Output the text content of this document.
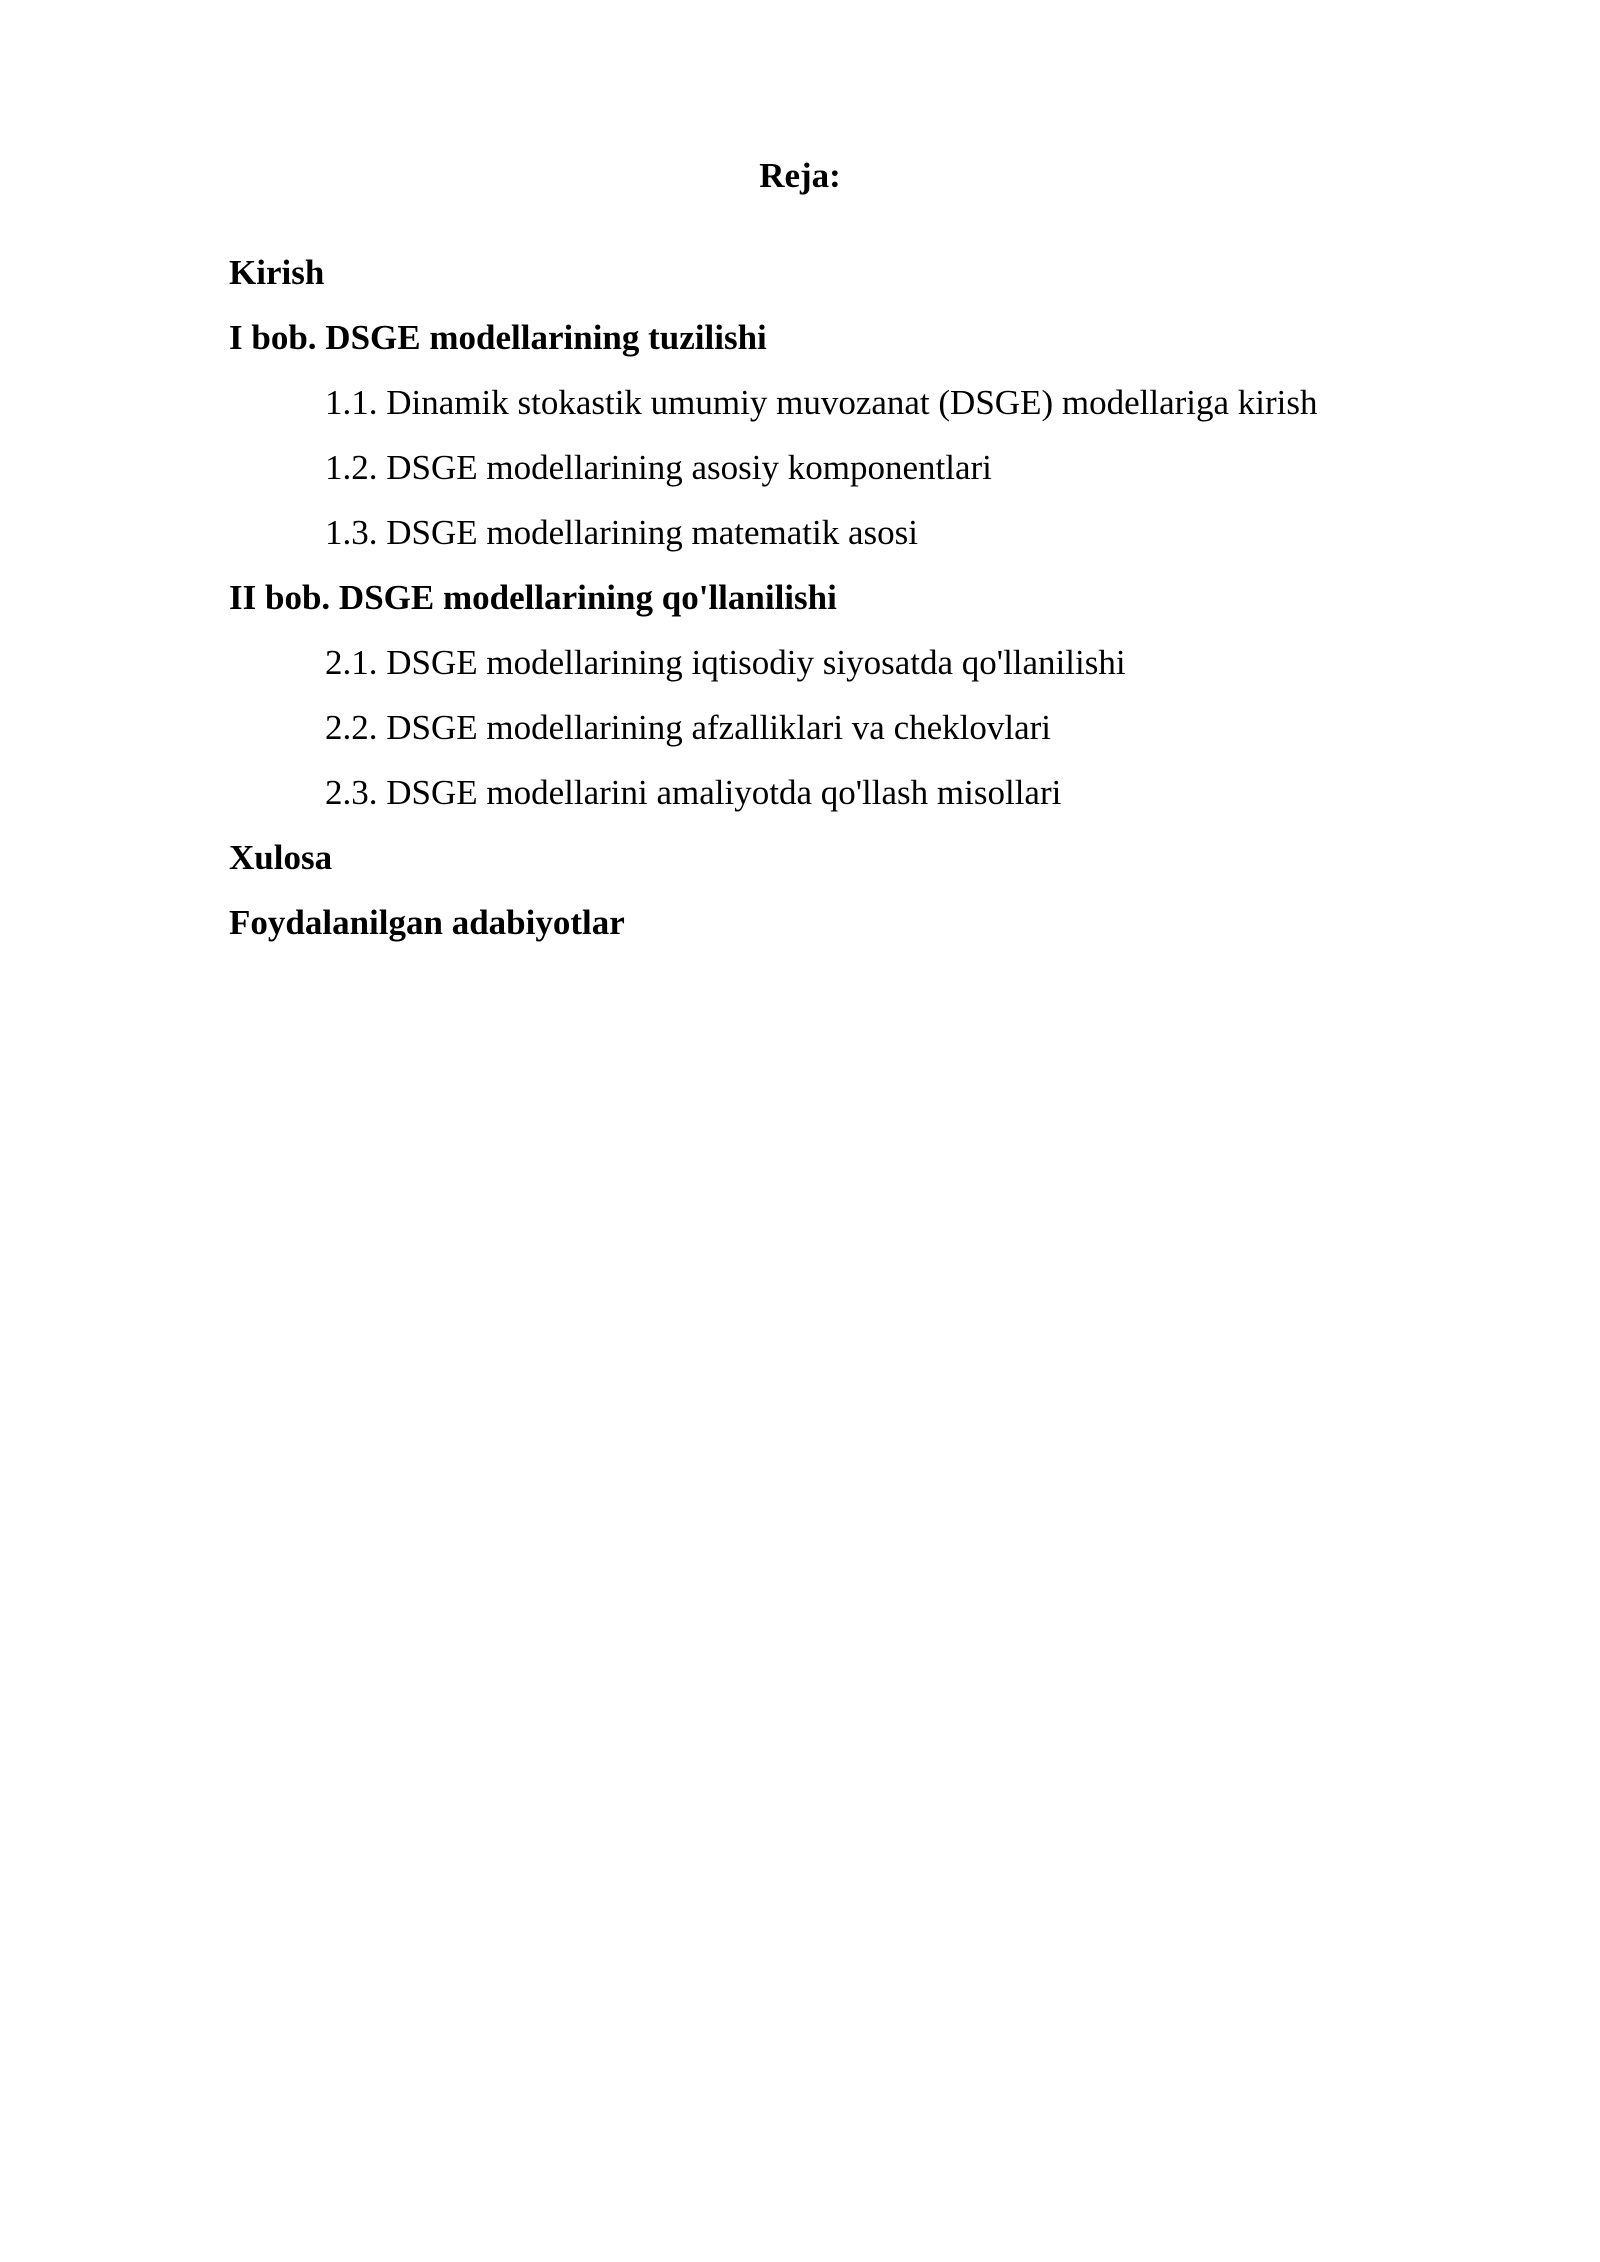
Reja:
Kirish
I bob. DSGE modellarining tuzilishi
1.1. Dinamik stokastik umumiy muvozanat (DSGE) modellariga kirish
1.2. DSGE modellarining asosiy komponentlari
1.3. DSGE modellarining matematik asosi
II bob. DSGE modellarining qo'llanilishi
2.1. DSGE modellarining iqtisodiy siyosatda qo'llanilishi
2.2. DSGE modellarining afzalliklari va cheklovlari
2.3. DSGE modellarini amaliyotda qo'llash misollari
Xulosa
Foydalanilgan adabiyotlar
